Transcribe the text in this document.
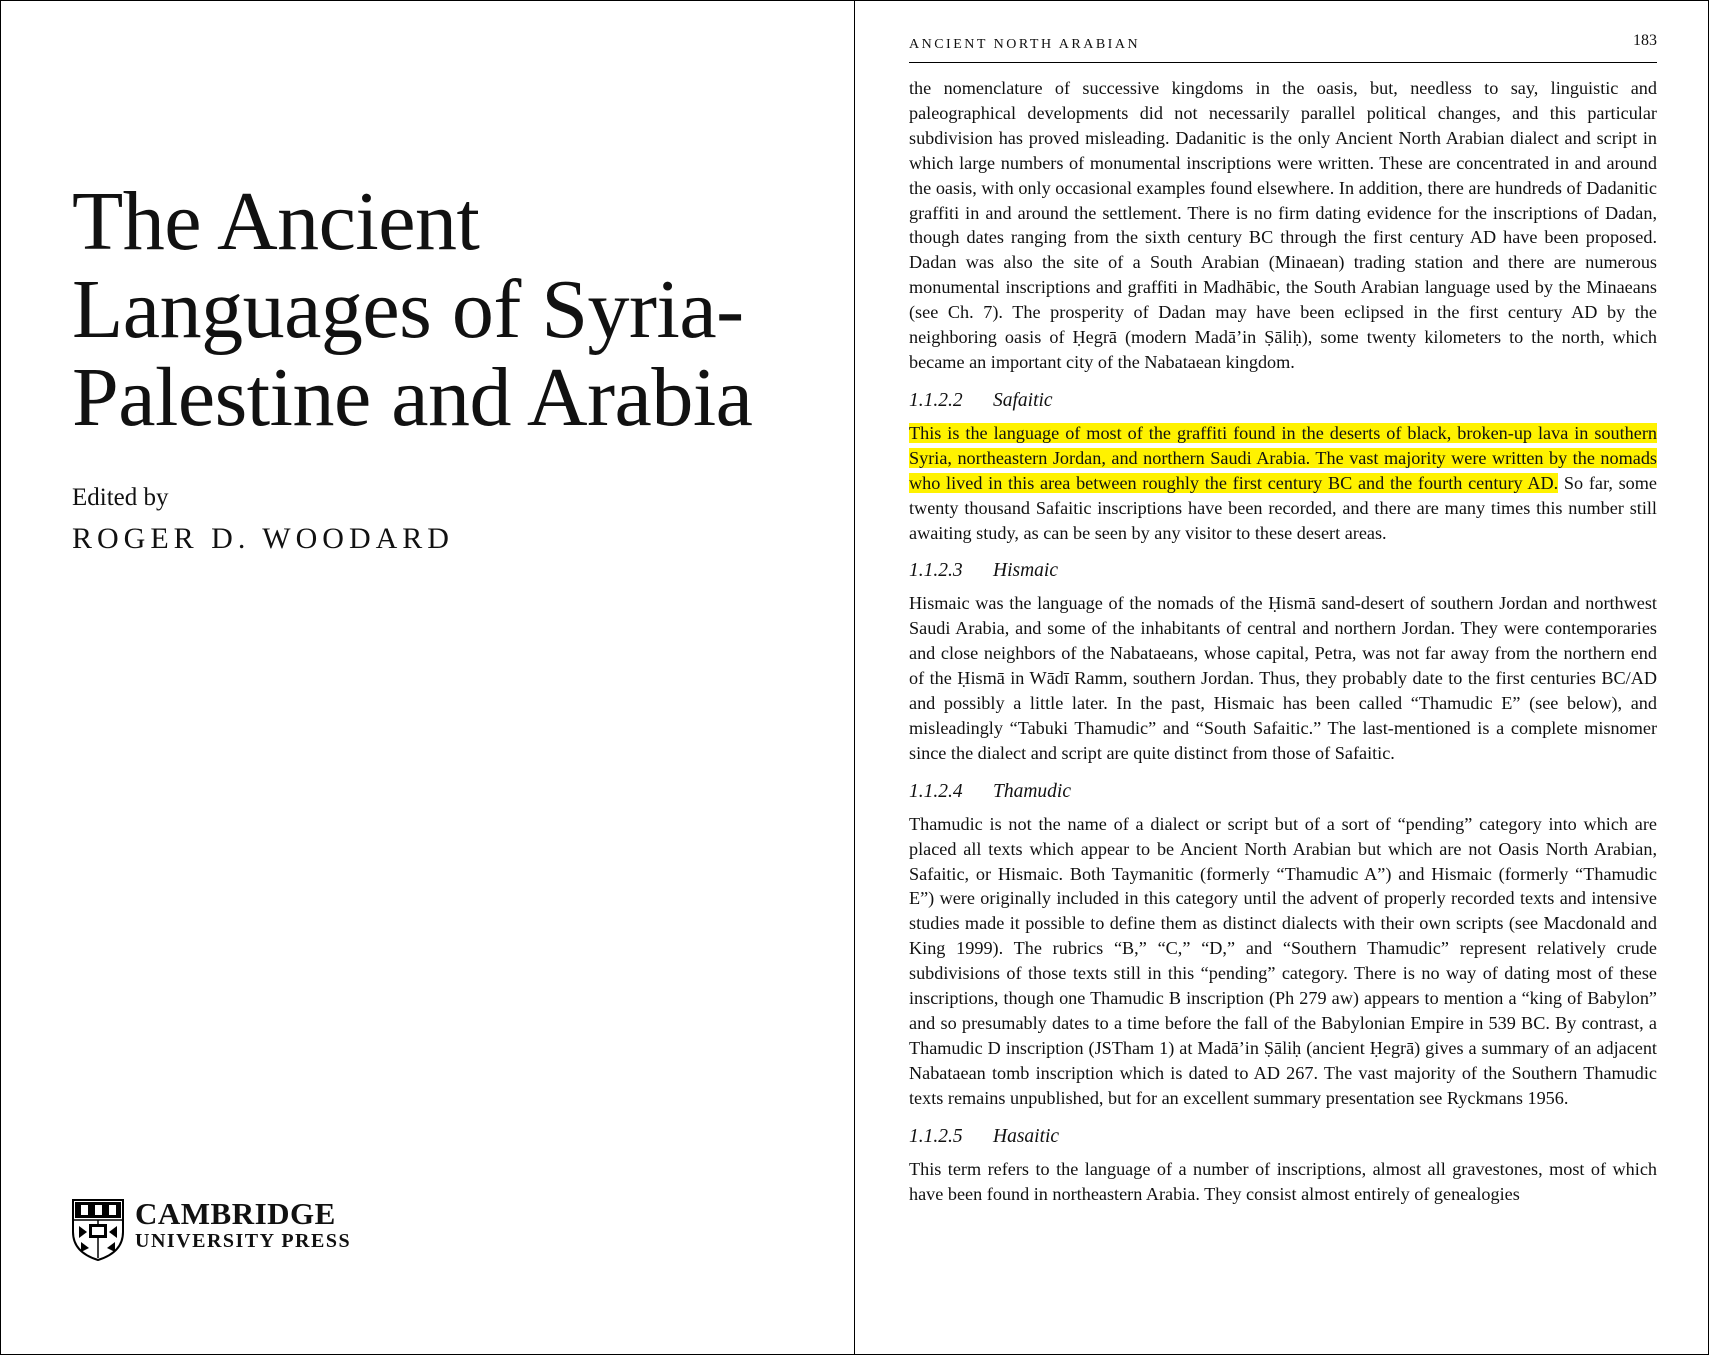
The Ancient
Languages of Syria-
Palestine and Arabia

Edited by

ROGER D. WOODARD

CAMBRIDGE
UNIVERSITY PRESS
ANCIENT NORTH ARABIAN	183

the nomenclature of successive kingdoms in the oasis, but, needless to say, linguistic and paleographical developments did not necessarily parallel political changes, and this particular subdivision has proved misleading. Dadanitic is the only Ancient North Arabian dialect and script in which large numbers of monumental inscriptions were written. These are concentrated in and around the oasis, with only occasional examples found elsewhere. In addition, there are hundreds of Dadanitic graffiti in and around the settlement. There is no firm dating evidence for the inscriptions of Dadan, though dates ranging from the sixth century BC through the first century AD have been proposed. Dadan was also the site of a South Arabian (Minaean) trading station and there are numerous monumental inscriptions and graffiti in Madhābic, the South Arabian language used by the Minaeans (see Ch. 7). The prosperity of Dadan may have been eclipsed in the first century AD by the neighboring oasis of Ḥegrā (modern Madā’in Ṣāliḥ), some twenty kilometers to the north, which became an important city of the Nabataean kingdom.

1.1.2.2 Safaitic

This is the language of most of the graffiti found in the deserts of black, broken-up lava in southern Syria, northeastern Jordan, and northern Saudi Arabia. The vast majority were written by the nomads who lived in this area between roughly the first century BC and the fourth century AD. So far, some twenty thousand Safaitic inscriptions have been recorded, and there are many times this number still awaiting study, as can be seen by any visitor to these desert areas.

1.1.2.3 Hismaic

Hismaic was the language of the nomads of the Ḥismā sand-desert of southern Jordan and northwest Saudi Arabia, and some of the inhabitants of central and northern Jordan. They were contemporaries and close neighbors of the Nabataeans, whose capital, Petra, was not far away from the northern end of the Ḥismā in Wādī Ramm, southern Jordan. Thus, they probably date to the first centuries BC/AD and possibly a little later. In the past, Hismaic has been called “Thamudic E” (see below), and misleadingly “Tabuki Thamudic” and “South Safaitic.” The last-mentioned is a complete misnomer since the dialect and script are quite distinct from those of Safaitic.

1.1.2.4 Thamudic

Thamudic is not the name of a dialect or script but of a sort of “pending” category into which are placed all texts which appear to be Ancient North Arabian but which are not Oasis North Arabian, Safaitic, or Hismaic. Both Taymanitic (formerly “Thamudic A”) and Hismaic (formerly “Thamudic E”) were originally included in this category until the advent of properly recorded texts and intensive studies made it possible to define them as distinct dialects with their own scripts (see Macdonald and King 1999). The rubrics “B,” “C,” “D,” and “Southern Thamudic” represent relatively crude subdivisions of those texts still in this “pending” category. There is no way of dating most of these inscriptions, though one Thamudic B inscription (Ph 279 aw) appears to mention a “king of Babylon” and so presumably dates to a time before the fall of the Babylonian Empire in 539 BC. By contrast, a Thamudic D inscription (JSTham 1) at Madā’in Ṣāliḥ (ancient Ḥegrā) gives a summary of an adjacent Nabataean tomb inscription which is dated to AD 267. The vast majority of the Southern Thamudic texts remains unpublished, but for an excellent summary presentation see Ryckmans 1956.

1.1.2.5 Hasaitic

This term refers to the language of a number of inscriptions, almost all gravestones, most of which have been found in northeastern Arabia. They consist almost entirely of genealogies
